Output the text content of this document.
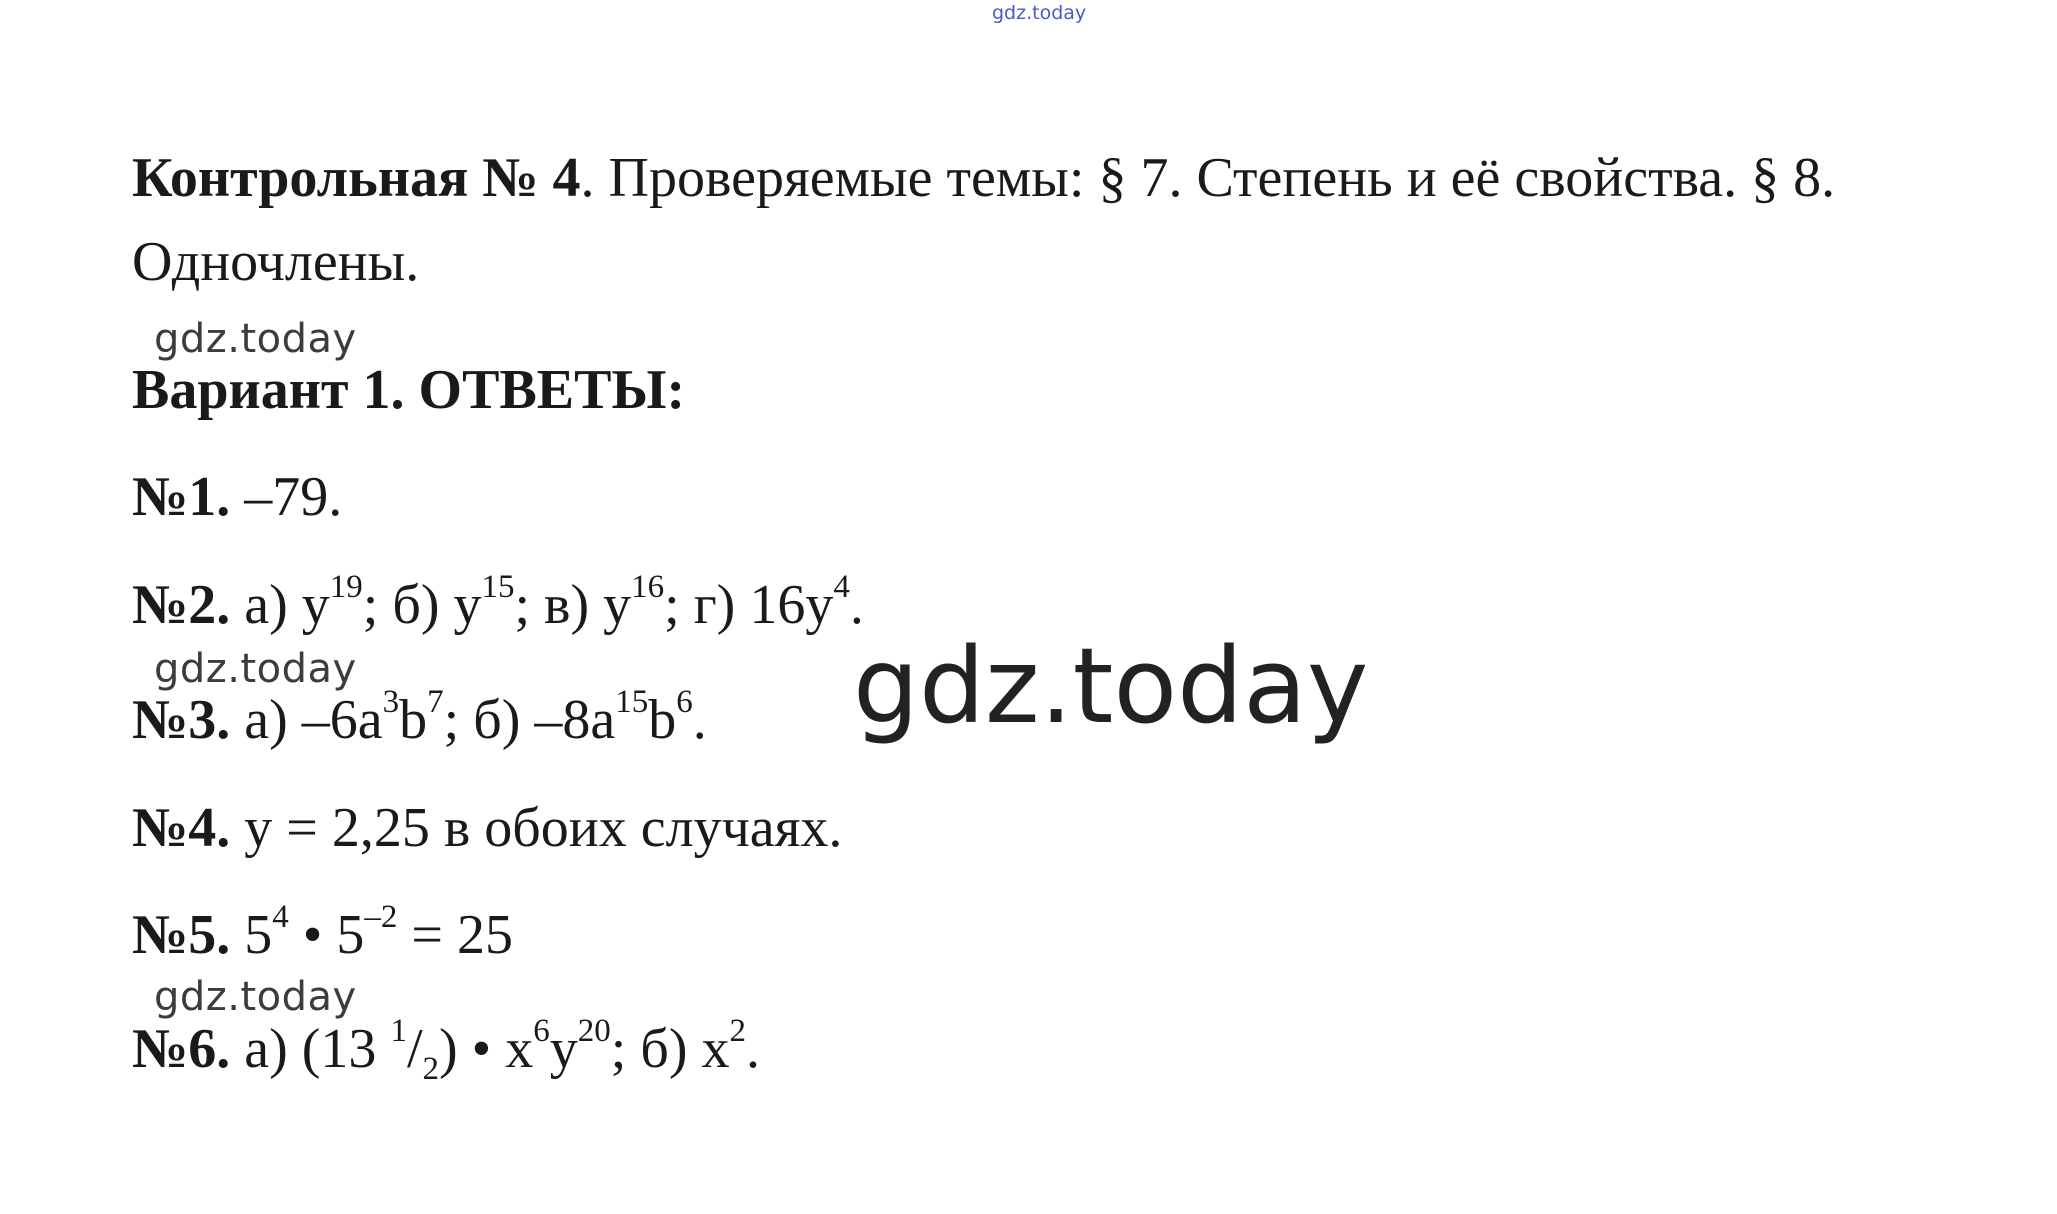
gdz.today
Контрольная № 4. Проверяемые темы: § 7. Степень и её свойства. § 8. Одночлены.
gdz.today
Вариант 1. ОТВЕТЫ:
№1. –79.
№2. а) $y^{19}$; б) $y^{15}$; в) $y^{16}$; г) $16y^4$.
gdz.today
№3. а) $-6a^3b^7$; б) $-8a^{15}b^6$. gdz.today
№4. y = 2,25 в обоих случаях.
№5. $5^4$ • $5^{-2} = 25$
gdz.today
№6. а) (13 $^1/_2$) • $x^6y^{20}$; б) $x^2$.
